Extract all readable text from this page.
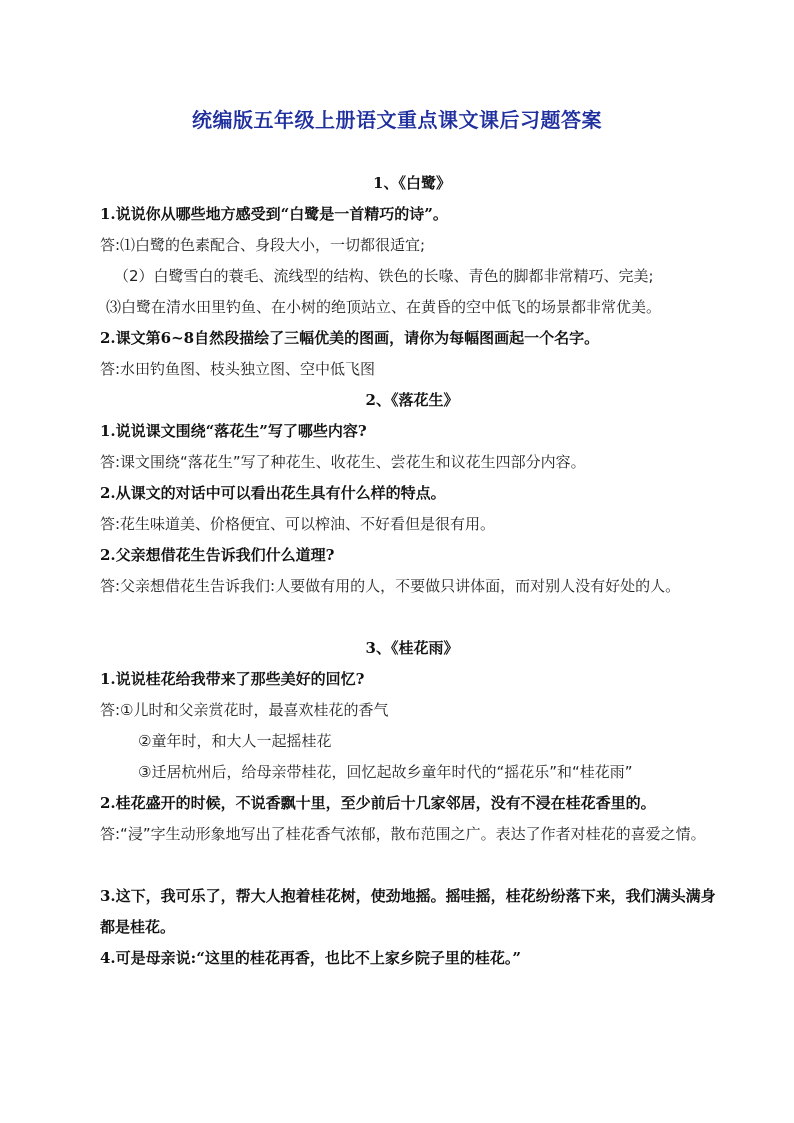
统编版五年级上册语文重点课文课后习题答案
1、《白鹭》
1.说说你从哪些地方感受到“白鹭是一首精巧的诗”。
答:⑴白鹭的色素配合、身段大小，一切都很适宜;
（2）白鹭雪白的蓑毛、流线型的结构、铁色的长喙、青色的脚都非常精巧、完美;
⑶白鹭在清水田里钓鱼、在小树的绝顶站立、在黄昏的空中低飞的场景都非常优美。
2.课文第6~8自然段描绘了三幅优美的图画，请你为每幅图画起一个名字。
答:水田钓鱼图、枝头独立图、空中低飞图
2、《落花生》
1.说说课文围绕“落花生”写了哪些内容?
答:课文围绕“落花生”写了种花生、收花生、尝花生和议花生四部分内容。
2.从课文的对话中可以看出花生具有什么样的特点。
答:花生味道美、价格便宜、可以榨油、不好看但是很有用。
2.父亲想借花生告诉我们什么道理?
答:父亲想借花生告诉我们:人要做有用的人，不要做只讲体面，而对别人没有好处的人。
3、《桂花雨》
1.说说桂花给我带来了那些美好的回忆?
答:①儿时和父亲赏花时，最喜欢桂花的香气
②童年时，和大人一起摇桂花
③迁居杭州后，给母亲带桂花，回忆起故乡童年时代的“摇花乐”和“桂花雨”
2.桂花盛开的时候，不说香飘十里，至少前后十几家邻居，没有不浸在桂花香里的。
答:“浸”字生动形象地写出了桂花香气浓郁，散布范围之广。表达了作者对桂花的喜爱之情。
3.这下，我可乐了，帮大人抱着桂花树，使劲地摇。摇哇摇，桂花纷纷落下来，我们满头满身都是桂花。
4.可是母亲说:“这里的桂花再香，也比不上家乡院子里的桂花。”
